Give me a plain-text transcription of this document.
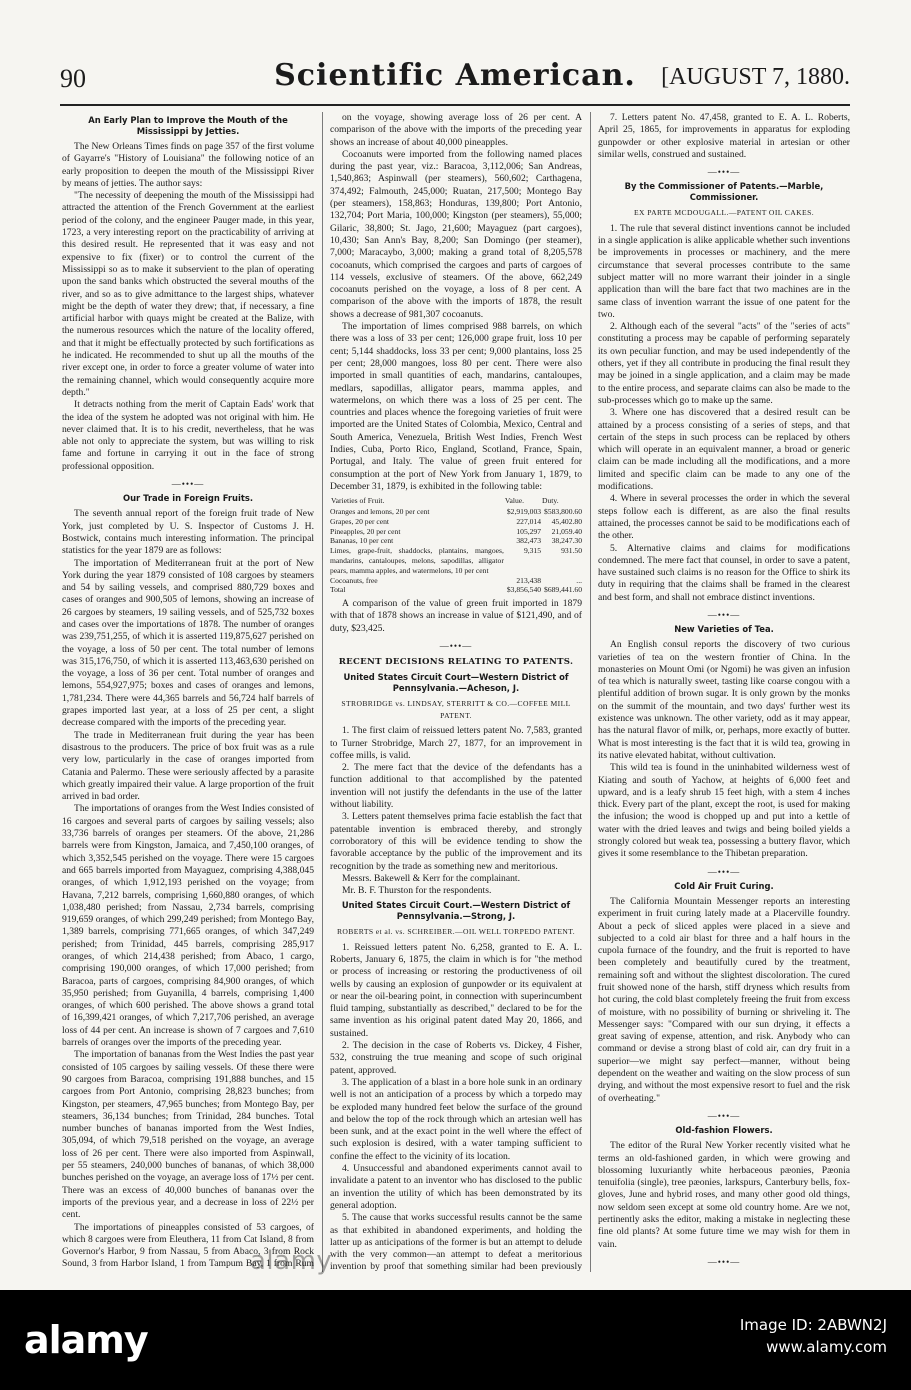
90	Scientific American.	[AUGUST 7, 1880.
An Early Plan to Improve the Mouth of the Mississippi by Jetties.

The New Orleans Times finds on page 357 of the first volume of Gayarre's "History of Louisiana" the following notice of an early proposition to deepen the mouth of the Mississippi River by means of jetties. The author says:

"The necessity of deepening the mouth of the Mississippi had attracted the attention of the French Government at the earliest period of the colony, and the engineer Pauger made, in this year, 1723, a very interesting report on the practicability of arriving at this desired result. He represented that it was easy and not expensive to fix (fixer) or to control the current of the Mississippi so as to make it subservient to the plan of operating upon the sand banks which obstructed the several mouths of the river, and so as to give admittance to the largest ships, whatever might be the depth of water they drew; that, if necessary, a fine artificial harbor with quays might be created at the Balize, with the numerous resources which the nature of the locality offered, and that it might be effectually protected by such fortifications as he indicated. He recommended to shut up all the mouths of the river except one, in order to force a greater volume of water into the remaining channel, which would consequently acquire more depth."

It detracts nothing from the merit of Captain Eads' work that the idea of the system he adopted was not original with him. He never claimed that. It is to his credit, nevertheless, that he was able not only to appreciate the system, but was willing to risk fame and fortune in carrying it out in the face of strong professional opposition.

—•••—
Our Trade in Foreign Fruits.

The seventh annual report of the foreign fruit trade of New York, just completed by U. S. Inspector of Customs J. H. Bostwick, contains much interesting information. The principal statistics for the year 1879 are as follows:

The importation of Mediterranean fruit at the port of New York during the year 1879 consisted of 108 cargoes by steamers and 54 by sailing vessels, and comprised 880,729 boxes and cases of oranges and 900,505 of lemons, showing an increase of 26 cargoes by steamers, 19 sailing vessels, and of 525,732 boxes and cases over the importations of 1878. The number of oranges was 239,751,255, of which it is asserted 119,875,627 perished on the voyage, a loss of 50 per cent. The total number of lemons was 315,176,750, of which it is asserted 113,463,630 perished on the voyage, a loss of 36 per cent. Total number of oranges and lemons, 554,927,975; boxes and cases of oranges and lemons, 1,781,234. There were 44,365 barrels and 56,724 half barrels of grapes imported last year, at a loss of 25 per cent, a slight decrease compared with the imports of the preceding year.

The trade in Mediterranean fruit during the year has been disastrous to the producers. The price of box fruit was as a rule very low, particularly in the case of oranges imported from Catania and Palermo. These were seriously affected by a parasite which greatly impaired their value. A large proportion of the fruit arrived in bad order.

The importations of oranges from the West Indies consisted of 16 cargoes and several parts of cargoes by sailing vessels; also 33,736 barrels of oranges per steamers. Of the above, 21,286 barrels were from Kingston, Jamaica, and 7,450,100 oranges, of which 3,352,545 perished on the voyage. There were 15 cargoes and 665 barrels imported from Mayaguez, comprising 4,388,045 oranges, of which 1,912,193 perished on the voyage; from Havana, 7,212 barrels, comprising 1,660,880 oranges, of which 1,038,480 perished; from Nassau, 2,734 barrels, comprising 919,659 oranges, of which 299,249 perished; from Montego Bay, 1,389 barrels, comprising 771,665 oranges, of which 347,249 perished; from Trinidad, 445 barrels, comprising 285,917 oranges, of which 214,438 perished; from Abaco, 1 cargo, comprising 190,000 oranges, of which 17,000 perished; from Baracoa, parts of cargoes, comprising 84,900 oranges, of which 35,950 perished; from Guyanilla, 4 barrels, comprising 1,400 oranges, of which 600 perished. The above shows a grand total of 16,399,421 oranges, of which 7,217,706 perished, an average loss of 44 per cent. An increase is shown of 7 cargoes and 7,610 barrels of oranges over the imports of the preceding year.

The importation of bananas from the West Indies the past year consisted of 105 cargoes by sailing vessels. Of these there were 90 cargoes from Baracoa, comprising 191,888 bunches, and 15 cargoes from Port Antonio, comprising 28,823 bunches; from Kingston, per steamers, 47,965 bunches; from Montego Bay, per steamers, 36,134 bunches; from Trinidad, 284 bunches. Total number bunches of bananas imported from the West Indies, 305,094, of which 79,518 perished on the voyage, an average loss of 26 per cent. There were also imported from Aspinwall, per 55 steamers, 240,000 bunches of bananas, of which 38,000 bunches perished on the voyage, an average loss of 17½ per cent. There was an excess of 40,000 bunches of bananas over the imports of the previous year, and a decrease in loss of 22½ per cent.

The importations of pineapples consisted of 53 cargoes, of which 8 cargoes were from Eleuthera, 11 from Cat Island, 8 from Governor's Harbor, 9 from Nassau, 5 from Abaco, 3 from Rock Sound, 3 from Harbor Island, 1 from Tampum Bay, 1 from Rum

on the voyage, showing average loss of 26 per cent. A comparison of the above with the imports of the preceding year shows an increase of about 40,000 pineapples.

Cocoanuts were imported from the following named places during the past year, viz.: Baracoa, 3,112,006; San Andreas, 1,540,863; Aspinwall (per steamers), 560,602; Carthagena, 374,492; Falmouth, 245,000; Ruatan, 217,500; Montego Bay (per steamers), 158,863; Honduras, 139,800; Port Antonio, 132,704; Port Maria, 100,000; Kingston (per steamers), 55,000; Gilaric, 38,800; St. Jago, 21,600; Mayaguez (part cargoes), 10,430; San Ann's Bay, 8,200; San Domingo (per steamer), 7,000; Maracaybo, 3,000; making a grand total of 8,205,578 cocoanuts, which comprised the cargoes and parts of cargoes of 114 vessels, exclusive of steamers. Of the above, 662,249 cocoanuts perished on the voyage, a loss of 8 per cent. A comparison of the above with the imports of 1878, the result shows a decrease of 981,307 cocoanuts.

The importation of limes comprised 988 barrels, on which there was a loss of 33 per cent; 126,000 grape fruit, loss 10 per cent; 5,144 shaddocks, loss 33 per cent; 9,000 plantains, loss 25 per cent; 28,000 mangoes, loss 80 per cent. There were also imported in small quantities of each, mandarins, cantaloupes, medlars, sapodillas, alligator pears, mamma apples, and watermelons, on which there was a loss of 25 per cent. The countries and places whence the foregoing varieties of fruit were imported are the United States of Colombia, Mexico, Central and South America, Venezuela, British West Indies, French West Indies, Cuba, Porto Rico, England, Scotland, France, Spain, Portugal, and Italy. The value of green fruit entered for consumption at the port of New York from January 1, 1879, to December 31, 1879, is exhibited in the following table:

Varieties of Fruit.	Value.	Duty.
Oranges and lemons, 20 per cent	$2,919,003	$583,800.60
Grapes, 20 per cent	227,014	45,402.80
Pineapples, 20 per cent	105,297	21,059.40
Bananas, 10 per cent	382,473	38,247.30
Limes, grape-fruit, shaddocks, plantains, mangoes, mandarins, cantaloupes, melons, sapodillas, alligator pears, mamma apples, and watermelons, 10 per cent	9,315	931.50
Cocoanuts, free	213,438	...
Total	$3,856,540	$689,441.60

A comparison of the value of green fruit imported in 1879 with that of 1878 shows an increase in value of $121,490, and of duty, $23,425.

—•••—
RECENT DECISIONS RELATING TO PATENTS.
United States Circuit Court—Western District of Pennsylvania.—Acheson, J.
STROBRIDGE vs. LINDSAY, STERRITT & CO.—COFFEE MILL PATENT.

1. The first claim of reissued letters patent No. 7,583, granted to Turner Strobridge, March 27, 1877, for an improvement in coffee mills, is valid.

2. The mere fact that the device of the defendants has a function additional to that accomplished by the patented invention will not justify the defendants in the use of the latter without liability.

3. Letters patent themselves prima facie establish the fact that patentable invention is embraced thereby, and strongly corroboratory of this will be evidence tending to show the favorable acceptance by the public of the improvement and its recognition by the trade as something new and meritorious.

Messrs. Bakewell & Kerr for the complainant.

Mr. B. F. Thurston for the respondents.

United States Circuit Court.—Western District of Pennsylvania.—Strong, J.
ROBERTS et al. vs. SCHREIBER.—OIL WELL TORPEDO PATENT.

1. Reissued letters patent No. 6,258, granted to E. A. L. Roberts, January 6, 1875, the claim in which is for "the method or process of increasing or restoring the productiveness of oil wells by causing an explosion of gunpowder or its equivalent at or near the oil-bearing point, in connection with superincumbent fluid tamping, substantially as described," declared to be for the same invention as his original patent dated May 20, 1866, and sustained.

2. The decision in the case of Roberts vs. Dickey, 4 Fisher, 532, construing the true meaning and scope of such original patent, approved.

3. The application of a blast in a bore hole sunk in an ordinary well is not an anticipation of a process by which a torpedo may be exploded many hundred feet below the surface of the ground and below the top of the rock through which an artesian well has been sunk, and at the exact point in the well where the effect of such explosion is desired, with a water tamping sufficient to confine the effect to the vicinity of its location.

4. Unsuccessful and abandoned experiments cannot avail to invalidate a patent to an inventor who has disclosed to the public an invention the utility of which has been demonstrated by its general adoption.

5. The cause that works successful results cannot be the same as that exhibited in abandoned experiments, and holding the latter up as anticipations of the former is but an attempt to delude with the very common—an attempt to defeat a meritorious invention by proof that something similar had been previously

7. Letters patent No. 47,458, granted to E. A. L. Roberts, April 25, 1865, for improvements in apparatus for exploding gunpowder or other explosive material in artesian or other similar wells, construed and sustained.

—•••—
By the Commissioner of Patents.—Marble, Commissioner.
EX PARTE MCDOUGALL.—PATENT OIL CAKES.

1. The rule that several distinct inventions cannot be included in a single application is alike applicable whether such inventions be improvements in processes or machinery, and the mere circumstance that several processes contribute to the same subject matter will no more warrant their joinder in a single application than will the bare fact that two machines are in the same class of invention warrant the issue of one patent for the two.

2. Although each of the several "acts" of the "series of acts" constituting a process may be capable of performing separately its own peculiar function, and may be used independently of the others, yet if they all contribute in producing the final result they may be joined in a single application, and a claim may be made to the entire process, and separate claims can also be made to the sub-processes which go to make up the same.

3. Where one has discovered that a desired result can be attained by a process consisting of a series of steps, and that certain of the steps in such process can be replaced by others which will operate in an equivalent manner, a broad or generic claim can be made including all the modifications, and a more limited and specific claim can be made to any one of the modifications.

4. Where in several processes the order in which the several steps follow each is different, as are also the final results attained, the processes cannot be said to be modifications each of the other.

5. Alternative claims and claims for modifications condemned. The mere fact that counsel, in order to save a patent, have sustained such claims is no reason for the Office to shirk its duty in requiring that the claims shall be framed in the clearest and best form, and shall not embrace distinct inventions.

—•••—
New Varieties of Tea.

An English consul reports the discovery of two curious varieties of tea on the western frontier of China. In the monasteries on Mount Omi (or Ngomi) he was given an infusion of tea which is naturally sweet, tasting like coarse congou with a plentiful addition of brown sugar. It is only grown by the monks on the summit of the mountain, and two days' further west its existence was unknown. The other variety, odd as it may appear, has the natural flavor of milk, or, perhaps, more exactly of butter. What is most interesting is the fact that it is wild tea, growing in its native elevated habitat, without cultivation.

This wild tea is found in the uninhabited wilderness west of Kiating and south of Yachow, at heights of 6,000 feet and upward, and is a leafy shrub 15 feet high, with a stem 4 inches thick. Every part of the plant, except the root, is used for making the infusion; the wood is chopped up and put into a kettle of water with the dried leaves and twigs and being boiled yields a strongly colored but weak tea, possessing a buttery flavor, which gives it some resemblance to the Thibetan preparation.

—•••—
Cold Air Fruit Curing.

The California Mountain Messenger reports an interesting experiment in fruit curing lately made at a Placerville foundry. About a peck of sliced apples were placed in a sieve and subjected to a cold air blast for three and a half hours in the cupola furnace of the foundry, and the fruit is reported to have been completely and beautifully cured by the treatment, remaining soft and without the slightest discoloration. The cured fruit showed none of the harsh, stiff dryness which results from hot curing, the cold blast completely freeing the fruit from excess of moisture, with no possibility of burning or shriveling it. The Messenger says: "Compared with our sun drying, it effects a great saving of expense, attention, and risk. Anybody who can command or devise a strong blast of cold air, can dry fruit in a superior—we might say perfect—manner, without being dependent on the weather and waiting on the slow process of sun drying, and without the most expensive resort to fuel and the risk of overheating."

—•••—
Old-fashion Flowers.

The editor of the Rural New Yorker recently visited what he terms an old-fashioned garden, in which were growing and blossoming luxuriantly white herbaceous pæonies, Pæonia tenuifolia (single), tree pæonies, larkspurs, Canterbury bells, fox-gloves, June and hybrid roses, and many other good old things, now seldom seen except at some old country home. Are we not, pertinently asks the editor, making a mistake in neglecting these fine old plants? At some future time we may wish for them in vain.

—•••—

alamy
alamy	Image ID: 2ABWN2J
www.alamy.com
